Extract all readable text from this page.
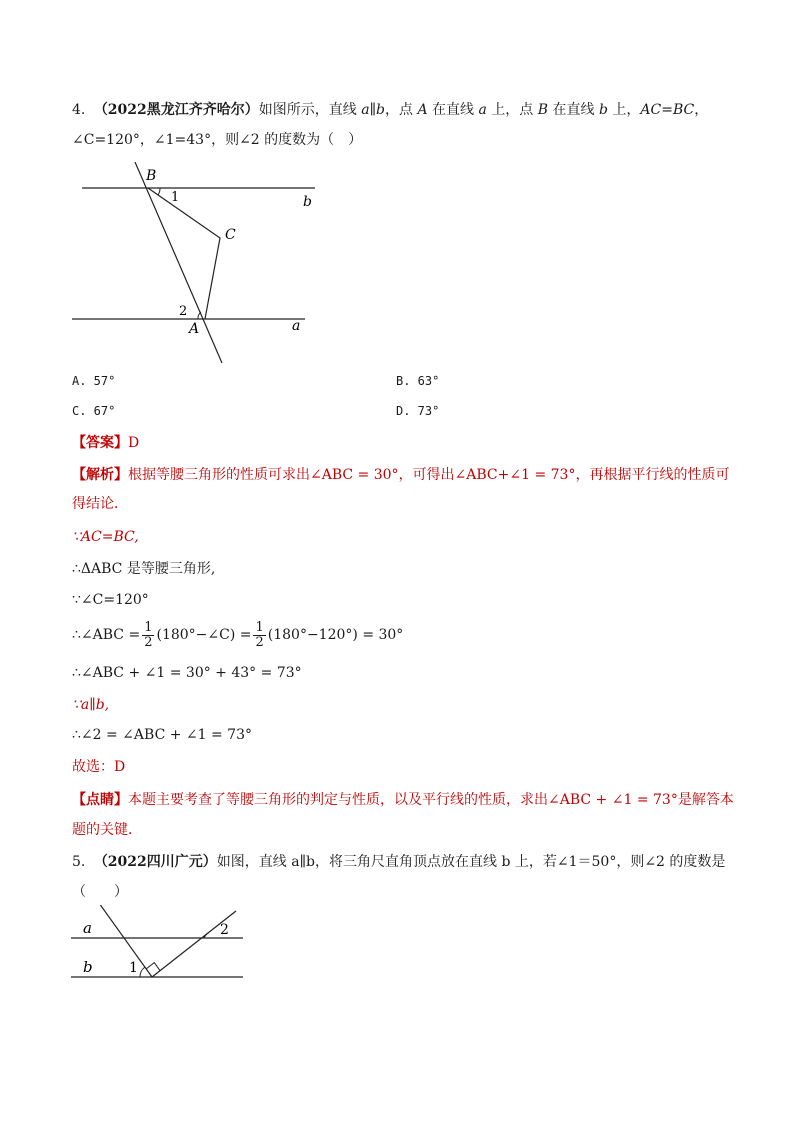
4. （2022黑龙江齐齐哈尔）如图所示，直线 a∥b，点 A 在直线 a 上，点 B 在直线 b 上，AC=BC，
∠C=120°，∠1=43°，则∠2 的度数为（　）
B
1	b
C
2
A	a
A. 57°	B. 63°
C. 67°	D. 73°
【答案】D
【解析】根据等腰三角形的性质可求出∠ABC = 30°，可得出∠ABC+∠1 = 73°，再根据平行线的性质可
得结论．
∵AC=BC,
∴ΔABC 是等腰三角形,
∵∠C=120°
∴∠ABC = $\frac{1}{2}$ (180°−∠C) = $\frac{1}{2} (180^\circ-120^\circ) = 30^\circ$
∴∠ABC + ∠1 = 30° + 43° = 73°
∵a∥b,
∴∠2 = ∠ABC + ∠1 = 73°
故选：D
【点睛】本题主要考查了等腰三角形的判定与性质，以及平行线的性质，求出∠ABC + ∠1 = 73°是解答本
题的关键．
5. （2022四川广元）如图，直线 a∥b，将三角尺直角顶点放在直线 b 上，若∠1＝50°，则∠2 的度数是
（　　）
a
b	1
2
